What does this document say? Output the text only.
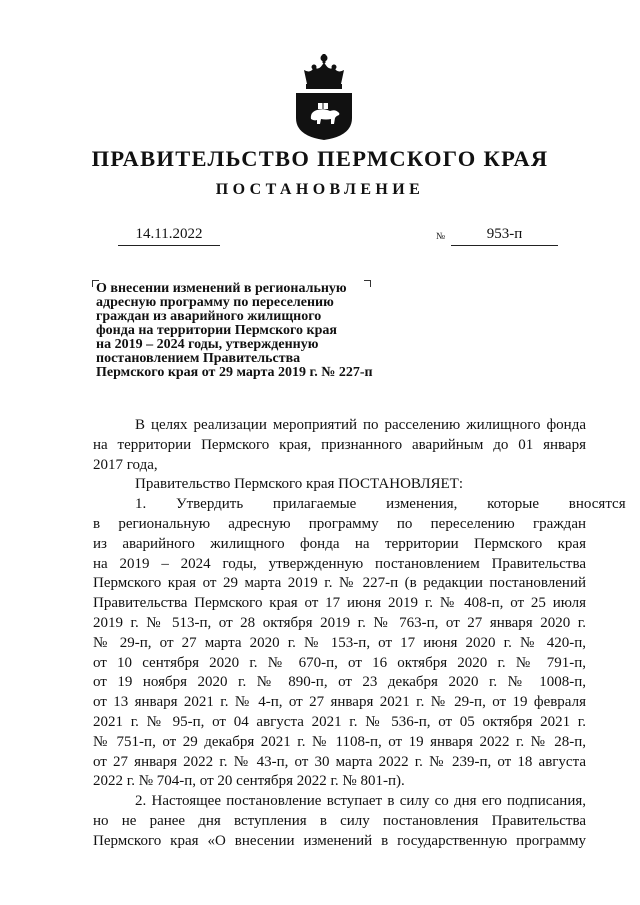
ПРАВИТЕЛЬСТВО ПЕРМСКОГО КРАЯ
ПОСТАНОВЛЕНИЕ
14.11.2022	№	953-п
О внесении изменений в региональную
адресную программу по переселению
граждан из аварийного жилищного
фонда на территории Пермского края
на 2019 – 2024 годы, утвержденную
постановлением Правительства
Пермского края от 29 марта 2019 г. № 227-п
В целях реализации мероприятий по расселению жилищного фонда
на территории Пермского края, признанного аварийным до 01 января
2017 года,
Правительство Пермского края ПОСТАНОВЛЯЕТ:
1. Утвердить прилагаемые изменения, которые вносятся
в региональную адресную программу по переселению граждан
из аварийного жилищного фонда на территории Пермского края
на 2019 – 2024 годы, утвержденную постановлением Правительства
Пермского края от 29 марта 2019 г. № 227-п (в редакции постановлений
Правительства Пермского края от 17 июня 2019 г. № 408-п, от 25 июля
2019 г. № 513-п, от 28 октября 2019 г. № 763-п, от 27 января 2020 г.
№ 29-п, от 27 марта 2020 г. № 153-п, от 17 июня 2020 г. № 420-п,
от 10 сентября 2020 г. № 670-п, от 16 октября 2020 г. № 791-п,
от 19 ноября 2020 г. № 890-п, от 23 декабря 2020 г. № 1008-п,
от 13 января 2021 г. № 4-п, от 27 января 2021 г. № 29-п, от 19 февраля
2021 г. № 95-п, от 04 августа 2021 г. № 536-п, от 05 октября 2021 г.
№ 751-п, от 29 декабря 2021 г. № 1108-п, от 19 января 2022 г. № 28-п,
от 27 января 2022 г. № 43-п, от 30 марта 2022 г. № 239-п, от 18 августа
2022 г. № 704-п, от 20 сентября 2022 г. № 801-п).
2. Настоящее постановление вступает в силу со дня его подписания,
но не ранее дня вступления в силу постановления Правительства
Пермского края «О внесении изменений в государственную программу
